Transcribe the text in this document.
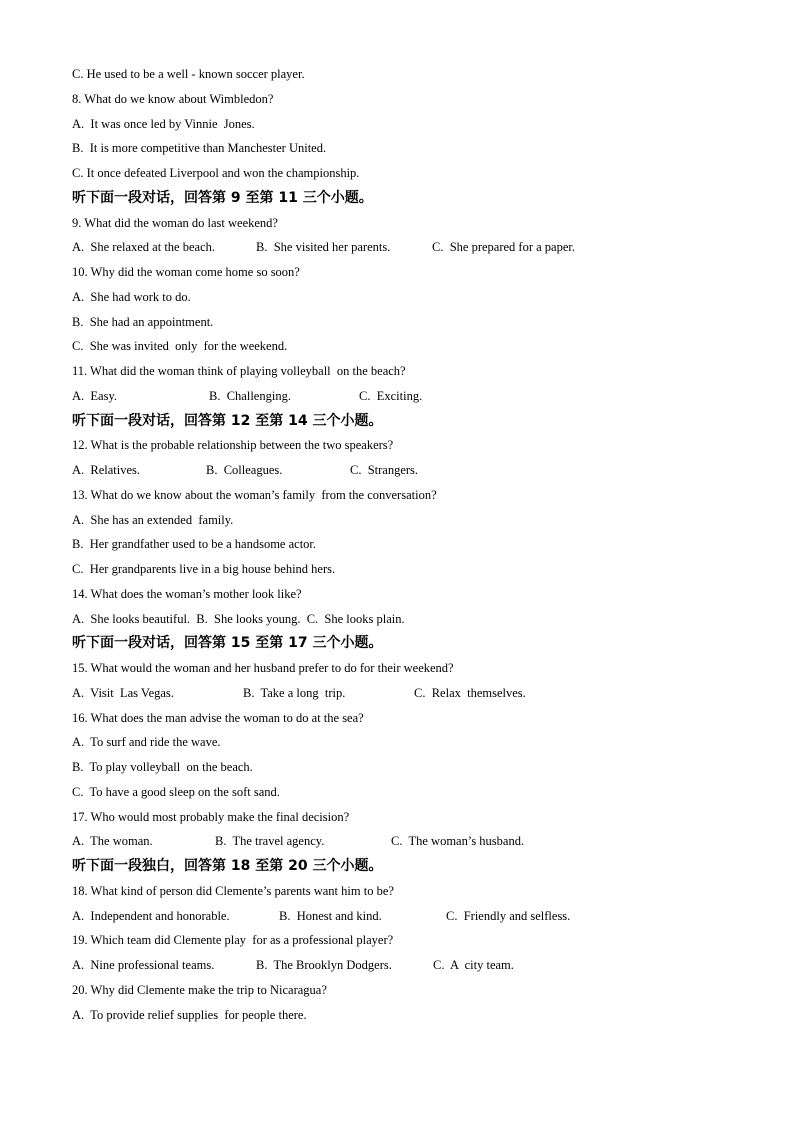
C. He used to be a well - known soccer player.
8. What do we know about Wimbledon?
A.  It was once led by Vinnie  Jones.
B.  It is more competitive than Manchester United.
C. It once defeated Liverpool and won the championship.
听下面一段对话，回答第 9 至第 11 三个小题。
9. What did the woman do last weekend?
A.  She relaxed at the beach.	B.  She visited her parents.	C.  She prepared for a paper.
10. Why did the woman come home so soon?
A.  She had work to do.
B.  She had an appointment.
C.  She was invited  only  for the weekend.
11. What did the woman think of playing volleyball  on the beach?
A.  Easy.	B.  Challenging.	C.  Exciting.
听下面一段对话，回答第 12 至第 14 三个小题。
12. What is the probable relationship between the two speakers?
A.  Relatives.	B.  Colleagues.	C.  Strangers.
13. What do we know about the woman’s family  from the conversation?
A.  She has an extended  family.
B.  Her grandfather used to be a handsome actor.
C.  Her grandparents live in a big house behind hers.
14. What does the woman’s mother look like?
A.  She looks beautiful.  B.  She looks young.  C.  She looks plain.
听下面一段对话，回答第 15 至第 17 三个小题。
15. What would the woman and her husband prefer to do for their weekend?
A.  Visit  Las Vegas.	B.  Take a long  trip.	C.  Relax  themselves.
16. What does the man advise the woman to do at the sea?
A.  To surf and ride the wave.
B.  To play volleyball  on the beach.
C.  To have a good sleep on the soft sand.
17. Who would most probably make the final decision?
A.  The woman.	B.  The travel agency.	C.  The woman’s husband.
听下面一段独白，回答第 18 至第 20 三个小题。
18. What kind of person did Clemente’s parents want him to be?
A.  Independent and honorable.	B.  Honest and kind.	C.  Friendly and selfless.
19. Which team did Clemente play  for as a professional player?
A.  Nine professional teams.	B.  The Brooklyn Dodgers.	C.  A  city team.
20. Why did Clemente make the trip to Nicaragua?
A.  To provide relief supplies  for people there.
